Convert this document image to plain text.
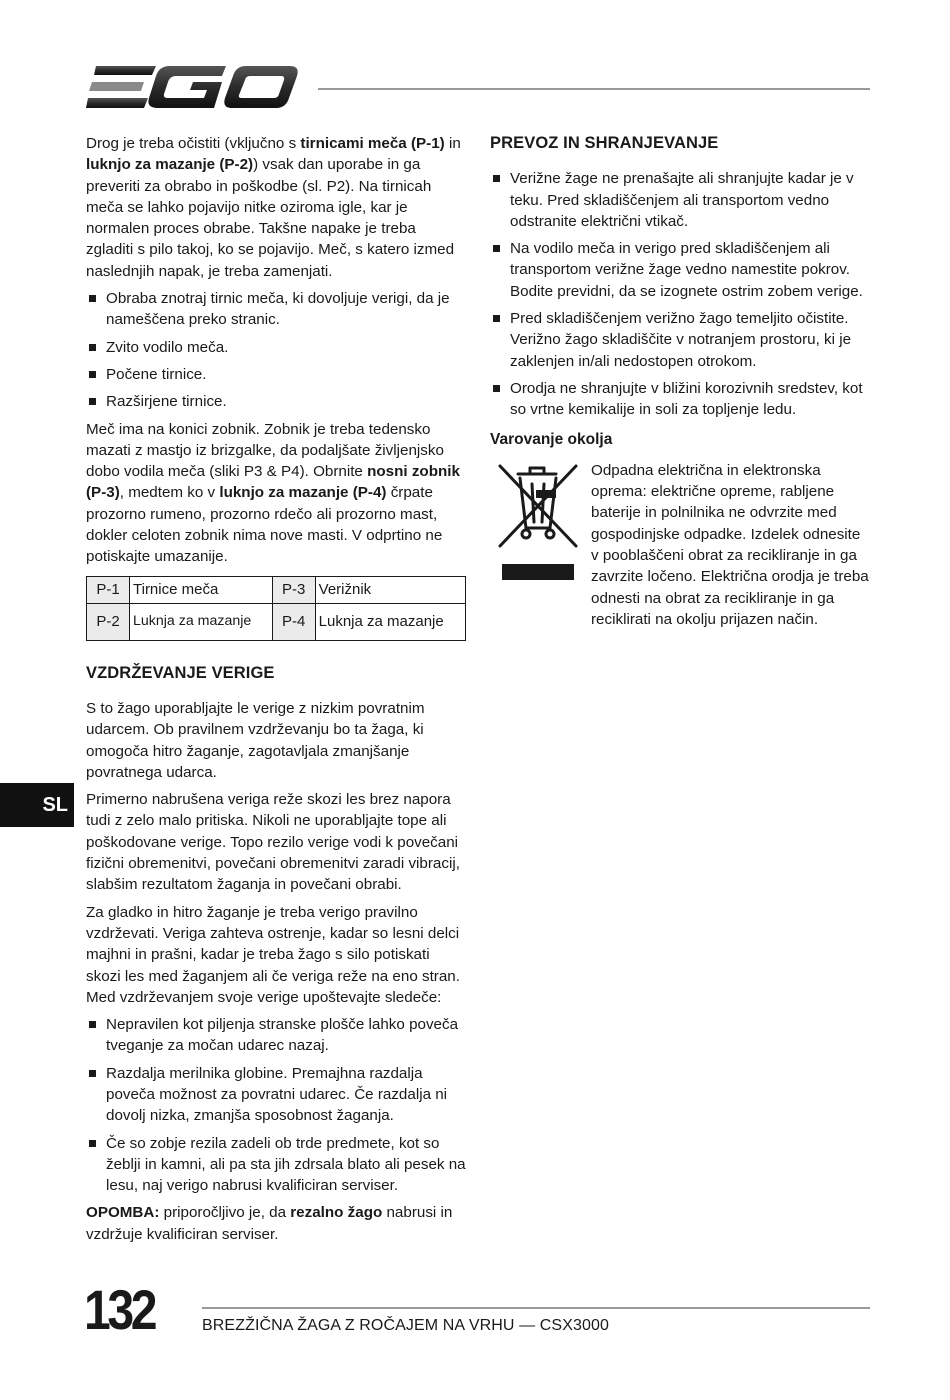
Drog je treba očistiti (vključno s tirnicami meča (P-1) in luknjo za mazanje (P-2)) vsak dan uporabe in ga preveriti za obrabo in poškodbe (sl. P2). Na tirnicah meča se lahko pojavijo nitke oziroma igle, kar je normalen proces obrabe. Takšne napake je treba zgladiti s pilo takoj, ko se pojavijo. Meč, s katero izmed naslednjih napak, je treba zamenjati.

Obraba znotraj tirnic meča, ki dovoljuje verigi, da je nameščena preko stranic.
Zvito vodilo meča.
Počene tirnice.
Razširjene tirnice.

Meč ima na konici zobnik. Zobnik je treba tedensko mazati z mastjo iz brizgalke, da podaljšate življenjsko dobo vodila meča (sliki P3 & P4). Obrnite nosni zobnik (P-3), medtem ko v luknjo za mazanje (P-4) črpate prozorno rumeno, prozorno rdečo ali prozorno mast, dokler celoten zobnik nima nove masti. V odprtino ne potiskajte umazanije.

P-1	Tirnice meča	P-3	Verižnik
P-2	Luknja za mazanje	P-4	Luknja za mazanje
VZDRŽEVANJE VERIGE

S to žago uporabljajte le verige z nizkim povratnim udarcem. Ob pravilnem vzdrževanju bo ta žaga, ki omogoča hitro žaganje, zagotavljala zmanjšanje povratnega udarca.

Primerno nabrušena veriga reže skozi les brez napora tudi z zelo malo pritiska. Nikoli ne uporabljajte tope ali poškodovane verige. Topo rezilo verige vodi k povečani fizični obremenitvi, povečani obremenitvi zaradi vibracij, slabšim rezultatom žaganja in povečani obrabi.

Za gladko in hitro žaganje je treba verigo pravilno vzdrževati. Veriga zahteva ostrenje, kadar so lesni delci majhni in prašni, kadar je treba žago s silo potiskati skozi les med žaganjem ali če veriga reže na eno stran. Med vzdrževanjem svoje verige upoštevajte sledeče:

Nepravilen kot piljenja stranske plošče lahko poveča tveganje za močan udarec nazaj.
Razdalja merilnika globine. Premajhna razdalja poveča možnost za povratni udarec. Če razdalja ni dovolj nizka, zmanjša sposobnost žaganja.
Če so zobje rezila zadeli ob trde predmete, kot so žeblji in kamni, ali pa sta jih zdrsala blato ali pesek na lesu, naj verigo nabrusi kvalificiran serviser.

OPOMBA: priporočljivo je, da rezalno žago nabrusi in vzdržuje kvalificiran serviser.

PREVOZ IN SHRANJEVANJE
Verižne žage ne prenašajte ali shranjujte kadar je v teku. Pred skladiščenjem ali transportom vedno odstranite električni vtikač.
Na vodilo meča in verigo pred skladiščenjem ali transportom verižne žage vedno namestite pokrov. Bodite previdni, da se izognete ostrim zobem verige.
Pred skladiščenjem verižno žago temeljito očistite. Verižno žago skladiščite v notranjem prostoru, ki je zaklenjen in/ali nedostopen otrokom.
Orodja ne shranjujte v bližini korozivnih sredstev, kot so vrtne kemikalije in soli za topljenje ledu.
Varovanje okolja

Odpadna električna in elektronska oprema: električne opreme, rabljene baterije in polnilnika ne odvrzite med gospodinjske odpadke. Izdelek odnesite v pooblaščeni obrat za recikliranje in ga zavrzite ločeno. Električna orodja je treba odnesti na obrat za recikliranje in ga reciklirati na okolju prijazen način.

SL
132	BREZŽIČNA ŽAGA Z ROČAJEM NA VRHU — CSX3000
